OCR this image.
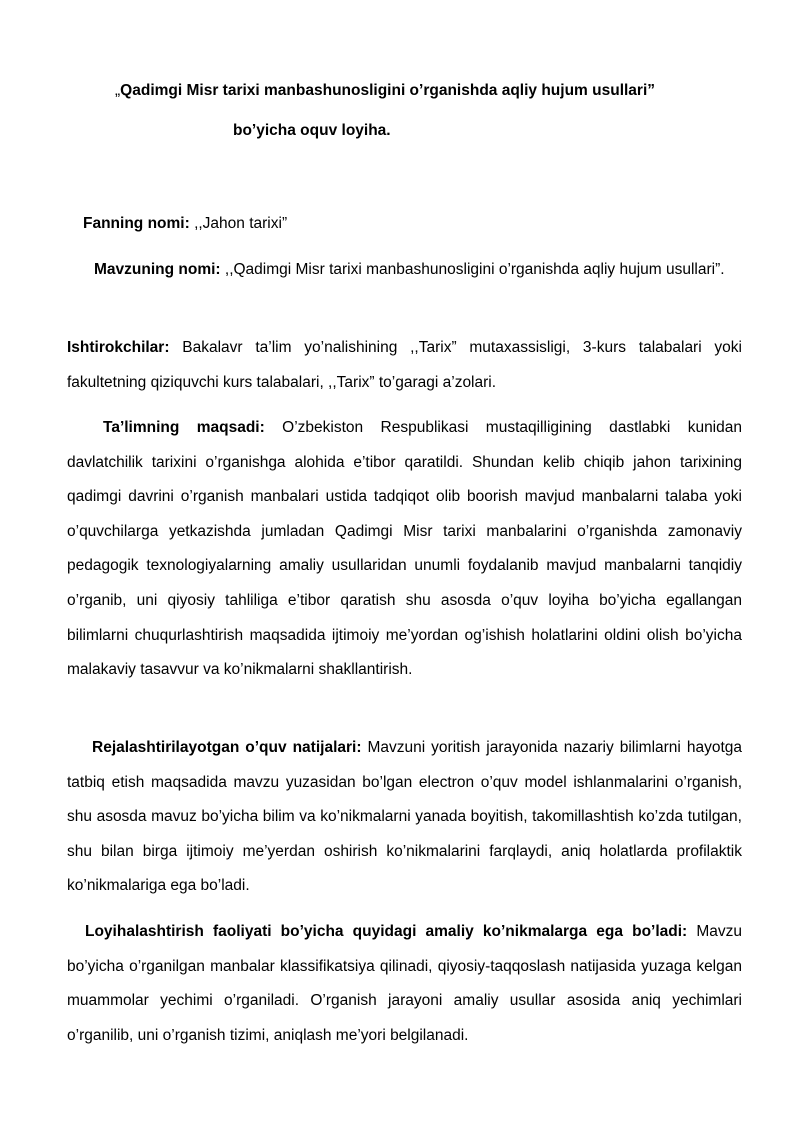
„Qadimgi Misr tarixi manbashunosligini o’rganishda aqliy hujum usullari”
bo’yicha oquv loyiha.

Fanning nomi: ,,Jahon tarixi”

Mavzuning nomi: ,,Qadimgi Misr tarixi manbashunosligini o’rganishda aqliy hujum usullari”.

Ishtirokchilar: Bakalavr ta’lim yo’nalishining ,,Tarix” mutaxassisligi, 3-kurs talabalari yoki fakultetning qiziquvchi kurs talabalari, ,,Tarix” to’garagi a’zolari.

Ta’limning maqsadi: O’zbekiston Respublikasi mustaqilligining dastlabki kunidan davlatchilik tarixini o’rganishga alohida e’tibor qaratildi. Shundan kelib chiqib jahon tarixining qadimgi davrini o’rganish manbalari ustida tadqiqot olib boorish mavjud manbalarni talaba yoki o’quvchilarga yetkazishda jumladan Qadimgi Misr tarixi manbalarini o’rganishda zamonaviy pedagogik texnologiyalarning amaliy usullaridan unumli foydalanib mavjud manbalarni tanqidiy o’rganib, uni qiyosiy tahliliga e’tibor qaratish shu asosda o’quv loyiha bo’yicha egallangan bilimlarni chuqurlashtirish maqsadida ijtimoiy me’yordan og’ishish holatlarini oldini olish bo’yicha malakaviy tasavvur va ko’nikmalarni shakllantirish.

Rejalashtirilayotgan o’quv natijalari: Mavzuni yoritish jarayonida nazariy bilimlarni hayotga tatbiq etish maqsadida mavzu yuzasidan bo’lgan electron o’quv model ishlanmalarini o’rganish, shu asosda mavuz bo’yicha bilim va ko’nikmalarni yanada boyitish, takomillashtish ko’zda tutilgan, shu bilan birga ijtimoiy me’yerdan oshirish ko’nikmalarini farqlaydi, aniq holatlarda profilaktik ko’nikmalariga ega bo’ladi.

Loyihalashtirish faoliyati bo’yicha quyidagi amaliy ko’nikmalarga ega bo’ladi: Mavzu bo’yicha o’rganilgan manbalar klassifikatsiya qilinadi, qiyosiy-taqqoslash natijasida yuzaga kelgan muammolar yechimi o’rganiladi. O’rganish jarayoni amaliy usullar asosida aniq yechimlari o’rganilib, uni o’rganish tizimi, aniqlash me’yori belgilanadi.
